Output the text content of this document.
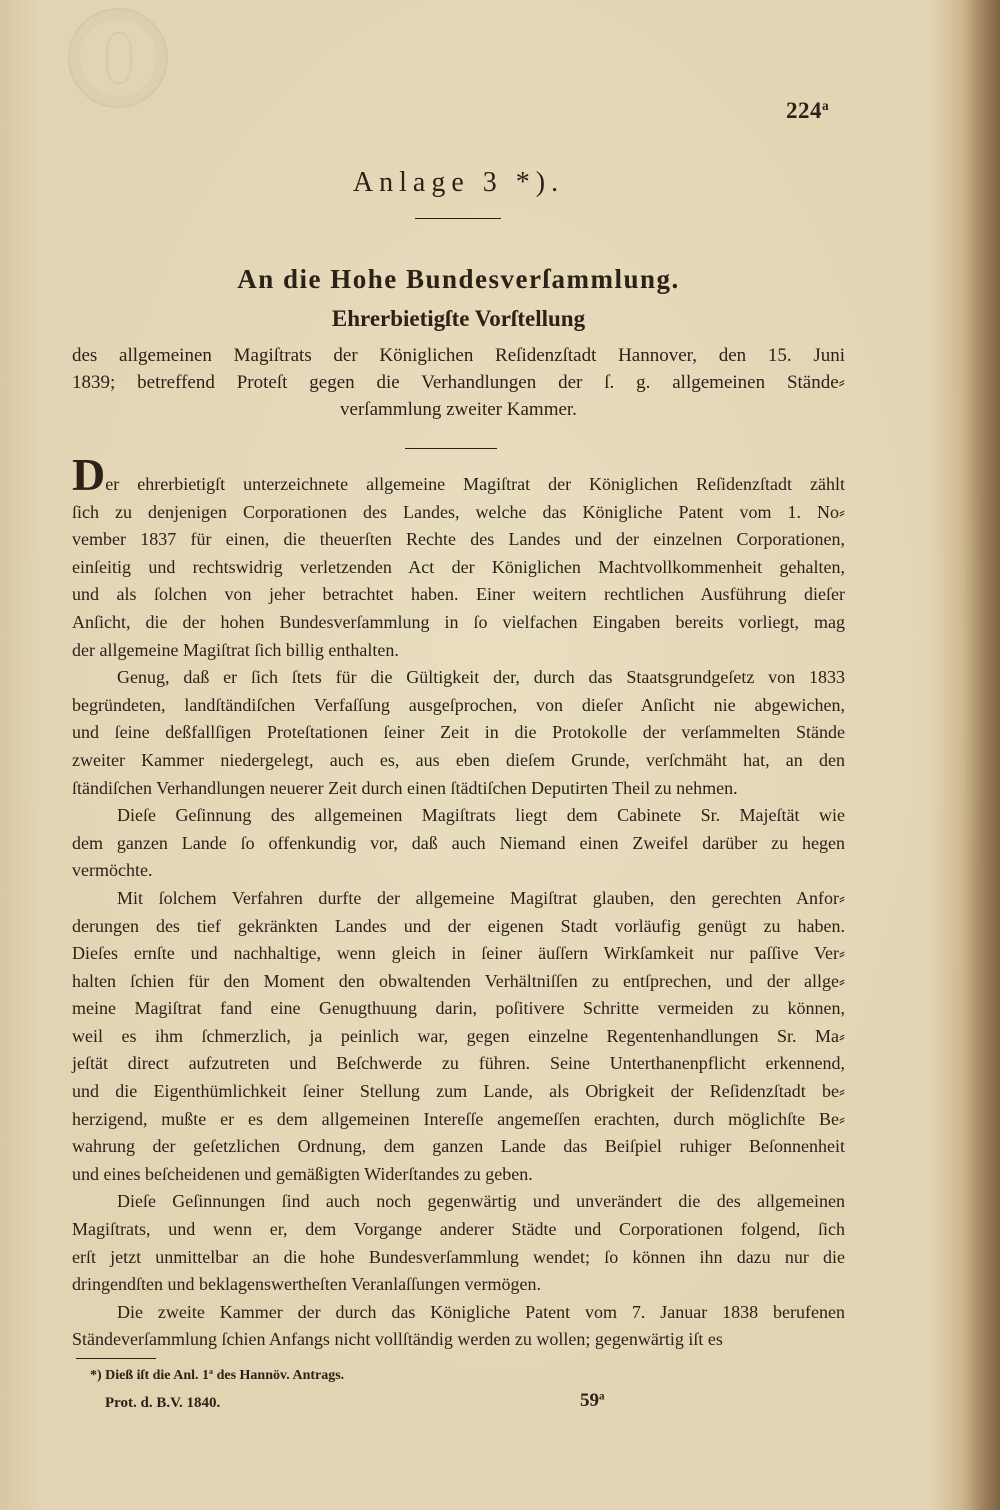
224$^a$
Anlage 3 *).
An die Hohe Bundesverſammlung.
Ehrerbietigſte Vorſtellung
des allgemeinen Magiſtrats der Königlichen Reſidenzſtadt Hannover, den 15. Juni
1839; betreffend Proteſt gegen die Verhandlungen der ſ. g. allgemeinen Stände⸗
verſammlung zweiter Kammer.
Der ehrerbietigſt unterzeichnete allgemeine Magiſtrat der Königlichen Reſidenzſtadt zählt
ſich zu denjenigen Corporationen des Landes, welche das Königliche Patent vom 1. No⸗
vember 1837 für einen, die theuerſten Rechte des Landes und der einzelnen Corporationen,
einſeitig und rechtswidrig verletzenden Act der Königlichen Machtvollkommenheit gehalten,
und als ſolchen von jeher betrachtet haben. Einer weitern rechtlichen Ausführung dieſer
Anſicht, die der hohen Bundesverſammlung in ſo vielfachen Eingaben bereits vorliegt, mag
der allgemeine Magiſtrat ſich billig enthalten.
Genug, daß er ſich ſtets für die Gültigkeit der, durch das Staatsgrundgeſetz von 1833
begründeten, landſtändiſchen Verfaſſung ausgeſprochen, von dieſer Anſicht nie abgewichen,
und ſeine deßfallſigen Proteſtationen ſeiner Zeit in die Protokolle der verſammelten Stände
zweiter Kammer niedergelegt, auch es, aus eben dieſem Grunde, verſchmäht hat, an den
ſtändiſchen Verhandlungen neuerer Zeit durch einen ſtädtiſchen Deputirten Theil zu nehmen.
Dieſe Geſinnung des allgemeinen Magiſtrats liegt dem Cabinete Sr. Majeſtät wie
dem ganzen Lande ſo offenkundig vor, daß auch Niemand einen Zweifel darüber zu hegen
vermöchte.
Mit ſolchem Verfahren durfte der allgemeine Magiſtrat glauben, den gerechten Anfor⸗
derungen des tief gekränkten Landes und der eigenen Stadt vorläufig genügt zu haben.
Dieſes ernſte und nachhaltige, wenn gleich in ſeiner äuſſern Wirkſamkeit nur paſſive Ver⸗
halten ſchien für den Moment den obwaltenden Verhältniſſen zu entſprechen, und der allge⸗
meine Magiſtrat fand eine Genugthuung darin, poſitivere Schritte vermeiden zu können,
weil es ihm ſchmerzlich, ja peinlich war, gegen einzelne Regentenhandlungen Sr. Ma⸗
jeſtät direct aufzutreten und Beſchwerde zu führen. Seine Unterthanenpflicht erkennend,
und die Eigenthümlichkeit ſeiner Stellung zum Lande, als Obrigkeit der Reſidenzſtadt be⸗
herzigend, mußte er es dem allgemeinen Intereſſe angemeſſen erachten, durch möglichſte Be⸗
wahrung der geſetzlichen Ordnung, dem ganzen Lande das Beiſpiel ruhiger Beſonnenheit
und eines beſcheidenen und gemäßigten Widerſtandes zu geben.
Dieſe Geſinnungen ſind auch noch gegenwärtig und unverändert die des allgemeinen
Magiſtrats, und wenn er, dem Vorgange anderer Städte und Corporationen folgend, ſich
erſt jetzt unmittelbar an die hohe Bundesverſammlung wendet; ſo können ihn dazu nur die
dringendſten und beklagenswertheſten Veranlaſſungen vermögen.
Die zweite Kammer der durch das Königliche Patent vom 7. Januar 1838 berufenen
Ständeverſammlung ſchien Anfangs nicht vollſtändig werden zu wollen; gegenwärtig iſt es
*) Dieß iſt die Anl. 1$^a$ des Hannöv. Antrags.
Prot. d. B.V. 1840.	59$^a$
